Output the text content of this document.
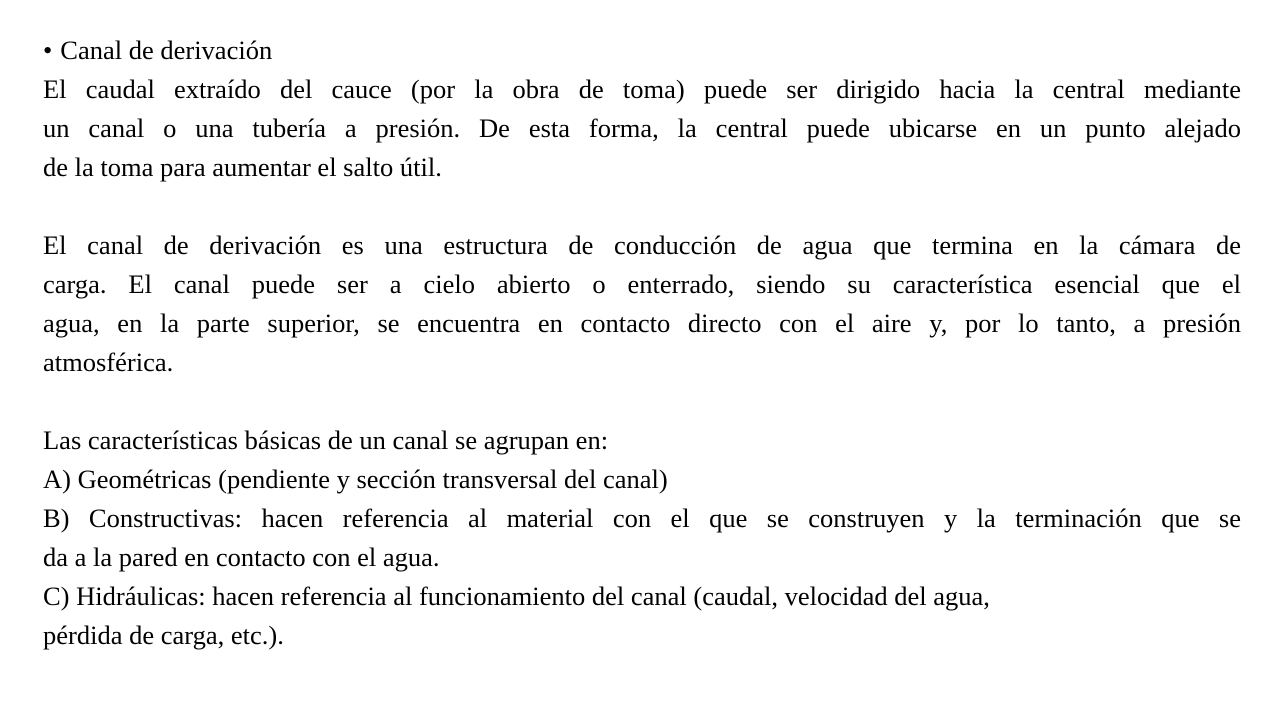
• Canal de derivación
El caudal extraído del cauce (por la obra de toma) puede ser dirigido hacia la central mediante
un canal o una tubería a presión. De esta forma, la central puede ubicarse en un punto alejado
de la toma para aumentar el salto útil.
El canal de derivación es una estructura de conducción de agua que termina en la cámara de
carga. El canal puede ser a cielo abierto o enterrado, siendo su característica esencial que el
agua, en la parte superior, se encuentra en contacto directo con el aire y, por lo tanto, a presión
atmosférica.
Las características básicas de un canal se agrupan en:
A) Geométricas (pendiente y sección transversal del canal)
B) Constructivas: hacen referencia al material con el que se construyen y la terminación que se
da a la pared en contacto con el agua.
C) Hidráulicas: hacen referencia al funcionamiento del canal (caudal, velocidad del agua,
pérdida de carga, etc.).
